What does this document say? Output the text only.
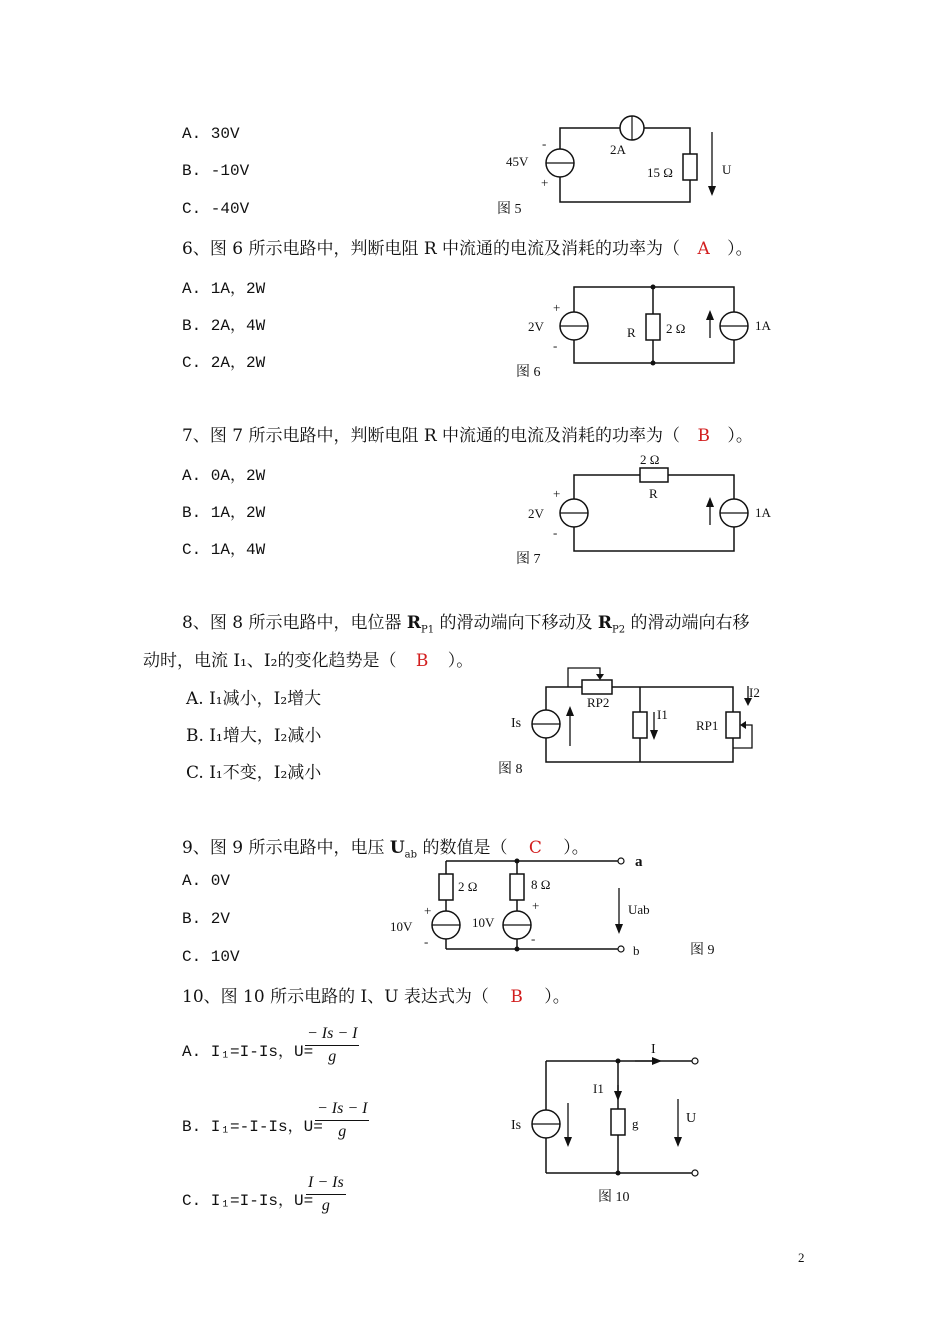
A. 30V
B. -10V
C. -40V
45V
-
+
2A
15 Ω	U
图 5
6、图 6 所示电路中，判断电阻 R 中流通的电流及消耗的功率为（ A ）。
A. 1A，2W
B. 2A，4W
C. 2A，2W
2V
+
-
R 2 Ω	1A
图 6
7、图 7 所示电路中，判断电阻 R 中流通的电流及消耗的功率为（ B ）。
A. 0A，2W
B. 1A，2W
C. 1A，4W
2 Ω
R
2V
+
-
1A
图 7
8、图 8 所示电路中，电位器 $R_{P1}$ 的滑动端向下移动及 $R_{P2}$ 的滑动端向右移
动时，电流 I₁、I₂的变化趋势是（ B ）。
A. I₁减小，I₂增大
B. I₁增大，I₂减小
C. I₁不变，I₂减小
Is
RP2
I1
RP1
I2
图 8
9、图 9 所示电路中，电压 $U_{ab}$ 的数值是（ C ）。
A. 0V
B. 2V
C. 10V
a
b
2 Ω	8 Ω
10V	10V
+
-
+
-
Uab
图 9
10、图 10 所示电路的 I、U 表达式为（ B ）。
A. I₁=I-Is，U=
$\frac{- Is - I}{g}$
B. I₁=-I-Is，U=
$\frac{- Is - I}{g}$
C. I₁=I-Is，U=
$\frac{I - Is}{g}$
I
I1
Is	g	U
图 10
2
